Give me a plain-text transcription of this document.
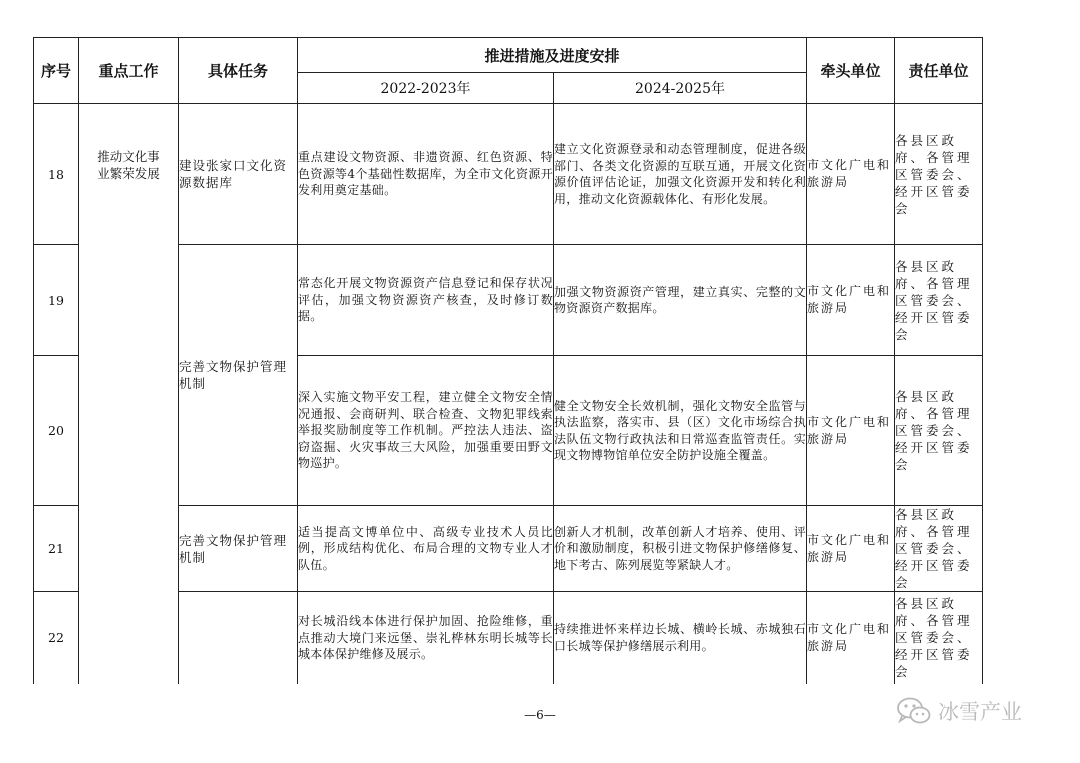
序号	重点工作	具体任务	推进措施及进度安排		牵头单位	责任单位
			2022-2023年	2024-2025年		
18	推动文化事业繁荣发展	建设张家口文化资源数据库	重点建设文物资源、非遗资源、红色资源、特色资源等4个基础性数据库，为全市文化资源开发利用奠定基础。	建立文化资源登录和动态管理制度，促进各级部门、各类文化资源的互联互通，开展文化资源价值评估论证，加强文化资源开发和转化利用，推动文化资源载体化、有形化发展。	市文化广电和旅游局	各县区政府、各管理区管委会、经开区管委会
19		完善文物保护管理机制	常态化开展文物资源资产信息登记和保存状况评估，加强文物资源资产核查，及时修订数据。	加强文物资源资产管理，建立真实、完整的文物资源资产数据库。	市文化广电和旅游局	各县区政府、各管理区管委会、经开区管委会
20			深入实施文物平安工程，建立健全文物安全情况通报、会商研判、联合检查、文物犯罪线索举报奖励制度等工作机制。严控法人违法、盗窃盗掘、火灾事故三大风险，加强重要田野文物巡护。	健全文物安全长效机制，强化文物安全监管与执法监察，落实市、县（区）文化市场综合执法队伍文物行政执法和日常巡查监管责任。实现文物博物馆单位安全防护设施全覆盖。	市文化广电和旅游局	各县区政府、各管理区管委会、经开区管委会
21		完善文物保护管理机制	适当提高文博单位中、高级专业技术人员比例，形成结构优化、布局合理的文物专业人才队伍。	创新人才机制，改革创新人才培养、使用、评价和激励制度，积极引进文物保护修缮修复、地下考古、陈列展览等紧缺人才。	市文化广电和旅游局	各县区政府、各管理区管委会、经开区管委会
22			对长城沿线本体进行保护加固、抢险维修，重点推动大境门来远堡、崇礼桦林东明长城等长城本体保护维修及展示。	持续推进怀来样边长城、横岭长城、赤城独石口长城等保护修缮展示利用。	市文化广电和旅游局	各县区政府、各管理区管委会、经开区管委会
—6—	冰雪产业
